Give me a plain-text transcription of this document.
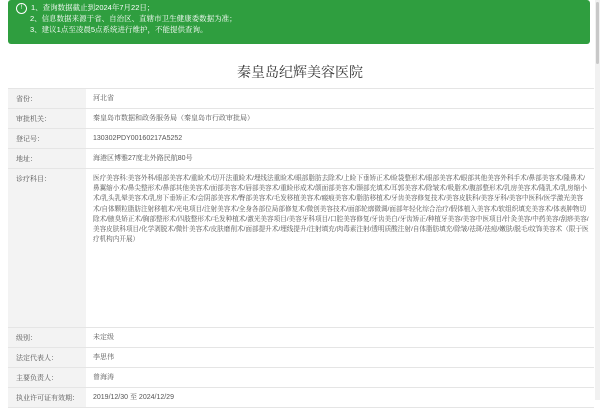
!	1、查询数据截止到2024年7月22日；
2、信息数据来源于省、自治区、直辖市卫生健康委数据为准；
3、建议1点至凌晨5点系统进行维护，不能提供查询。
秦皇岛纪辉美容医院
省份：	河北省
审批机关：	秦皇岛市数据和政务服务局（秦皇岛市行政审批局）
登记号：	130302PDY00160217A5252
地址：	海港区博雅27度北外路民航80号
诊疗科目：	医疗美容科:美容外科/眼部美容术/重睑术/切开法重睑术/埋线法重睑术/眼部脂肪去除术/上睑下垂矫正术/睑袋整形术/眼部美容术/眼部其他美容外科手术/鼻部美容术/隆鼻术/鼻翼缩小术/鼻尖整形术/鼻部其他美容术/面部美容术/唇部美容术/重睑形成术/颌面部美容术/颞部充填术/耳郭美容术/除皱术/吸脂术/腹部整形术/乳房美容术/隆乳术/乳房缩小术/乳头乳晕美容术/乳房下垂矫正术/会阴部美容术/臀部美容术/毛发移植美容术/瘢痕美容术/脂肪移植术/牙齿美容修复技术/美容皮肤科/美容牙科/美容中医科/医学激光美容术/自体颗粒脂肪注射移植术/光电项目/注射美容术/全身各部位局部修复术/微创美容技术/面部轮廓微调/面部年轻化综合治疗/假体植入美容术/软组织填充美容术/体表肿物切除术/腋臭矫正术/胸部整形术/四肢整形术/毛发种植术/激光美容项目/美容牙科项目/口腔美容修复/牙齿美白/牙齿矫正/种植牙美容/美容中医项目/针灸美容/中药美容/刮痧美容/美容皮肤科项目/化学剥脱术/微针美容术/皮肤磨削术/面部提升术/埋线提升/注射填充/肉毒素注射/透明质酸注射/自体脂肪填充/除皱/祛斑/祛痘/嫩肤/脱毛/纹饰美容术（限于医疗机构内开展）
级别：	未定级
法定代表人：	李思伟
主要负责人：	曾海涛
执业许可证有效期：	2019/12/30 至 2024/12/29
